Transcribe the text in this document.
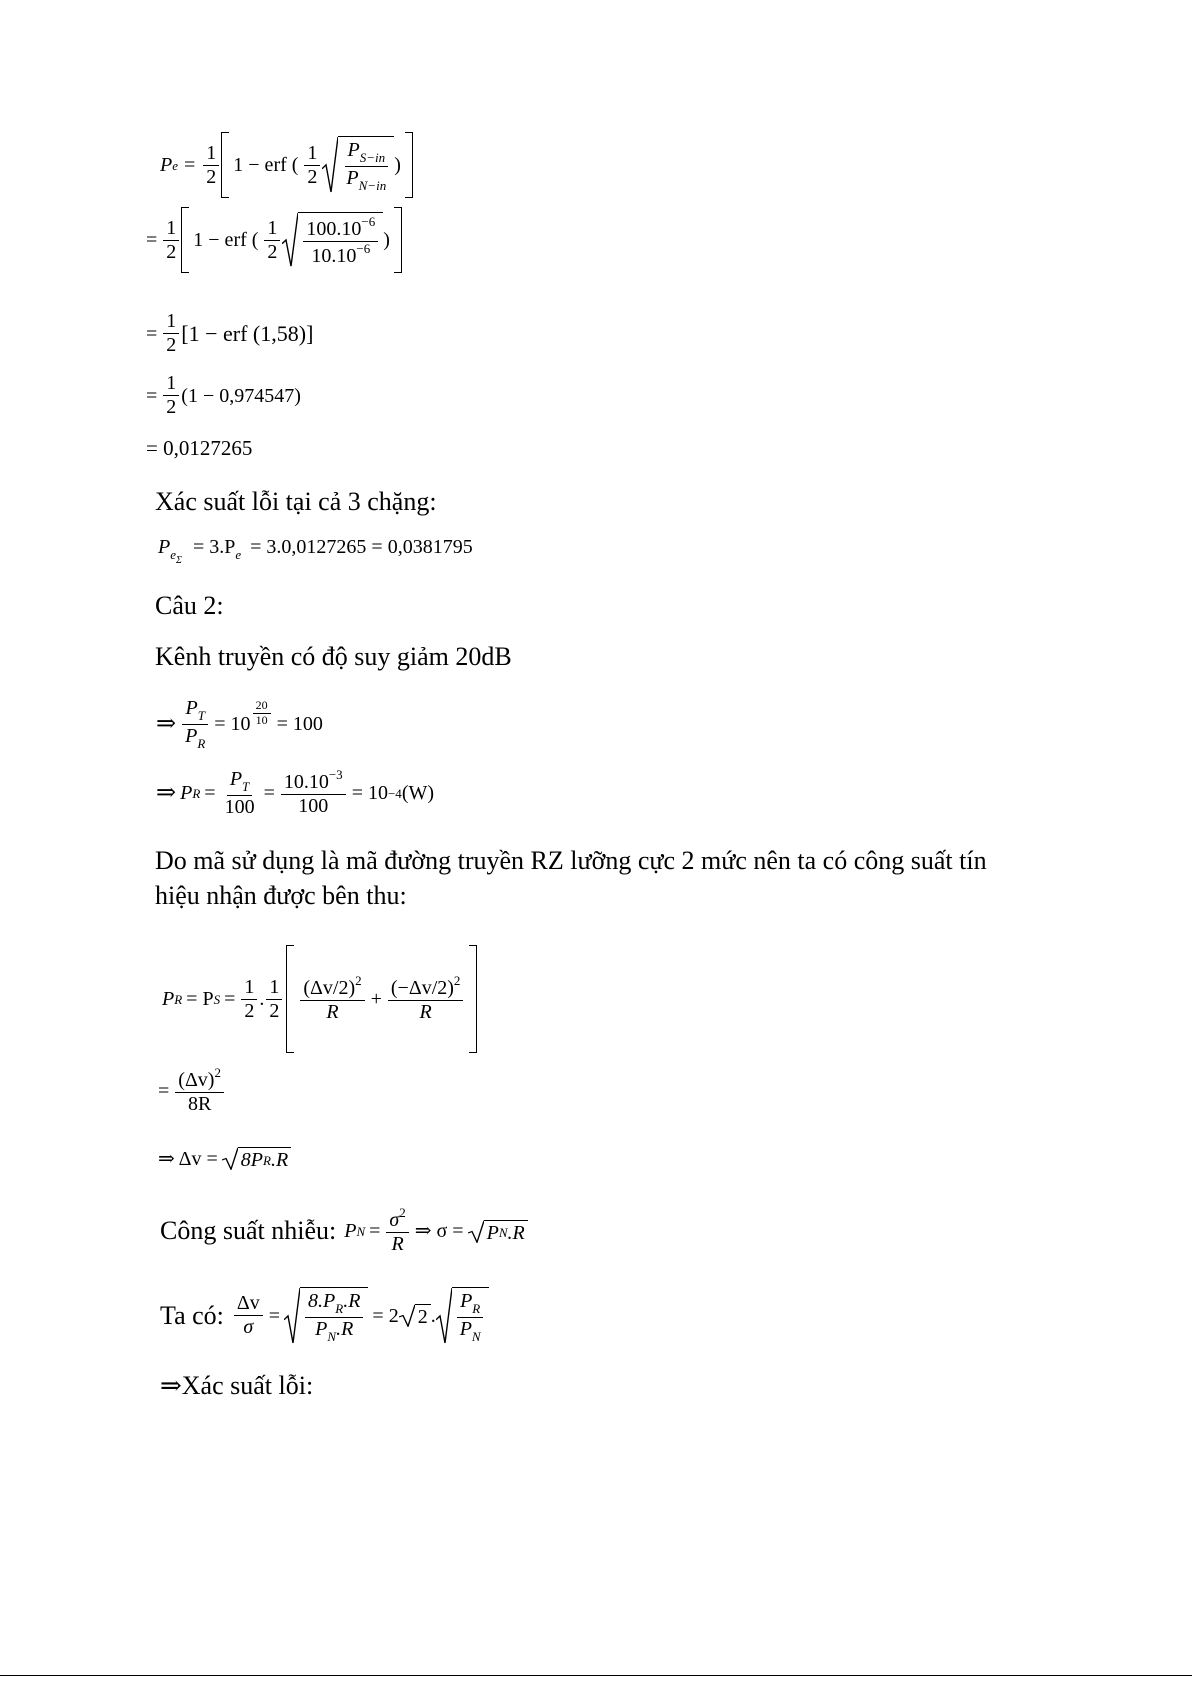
P $e = \frac{1}{2} 1$ − erf ( $\frac{1}{2} \frac{P_{S-in}}{P_{N-in}}$ )
= $\frac{1}{2} 1$ − erf ( $\frac{1}{2} \frac{100.10^{-6}}{10.10^{-6}}$ )
= $\frac{1}{2} [1$ − erf (1,58)]
= $\frac{1}{2} (1 - 0,974547)$
= 0,0127265
Xác suất lỗi tại cả 3 chặng:
$P_{e\Sigma} = 3.P_e = 3.0,0127265 = 0,0381795$
Câu 2:
Kênh truyền có độ suy giảm 20dB
⇒ $\frac{P_T}{P_R} = 10 \frac{20}{10} = 100$
⇒ P $R = \frac{P_T}{100} = \frac{10.10^{-3}}{100} = 10 -4$ (W)
Do mã sử dụng là mã đường truyền RZ lưỡng cực 2 mức nên ta có công suất tín
hiệu nhận được bên thu:
P R = P $S = \frac{1}{2}$ . $\frac{1}{2} \frac{(\Delta v/2)^2}{R} + \frac{(-\Delta v/2)^2}{R}$
= $\frac{(\Delta v)^2}{8R}$
⇒ Δv = 8P R .R
Công suất nhiễu: P $N = \frac{\sigma^2}{R}$ ⇒ σ = P N .R
Ta có: $\frac{\Delta v}{\sigma} = \frac{8.P_R.R}{P_N.R} = 2$ 2 . $\frac{P_R}{P_N}$
⇒Xác suất lỗi:
